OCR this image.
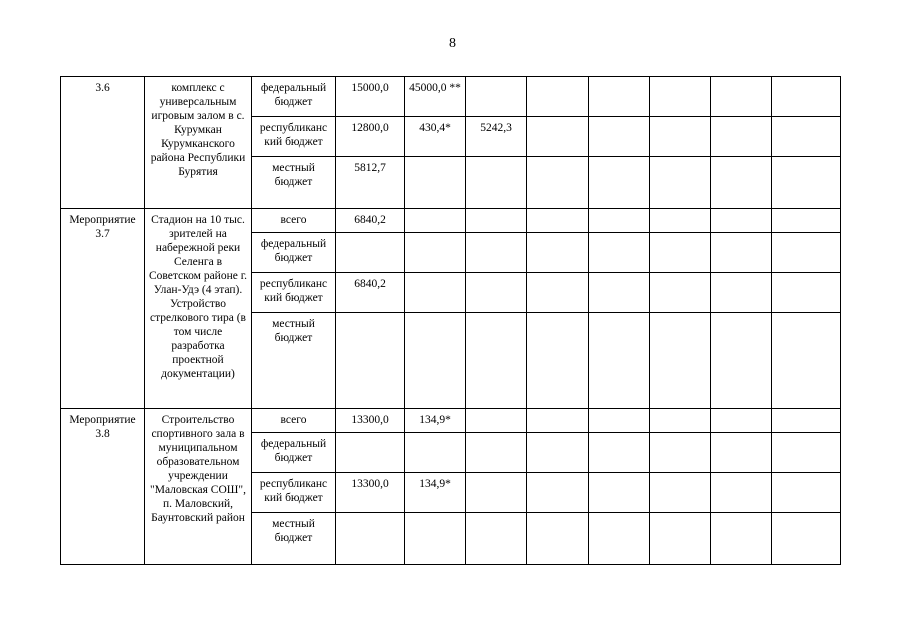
8
3.6	комплекс с универсальным игровым залом в с. Курумкан Курумканского района Республики Бурятия	федеральный бюджет	15000,0	45000,0 **						
		республиканс кий бюджет	12800,0	430,4*	5242,3					
		местный бюджет	5812,7							
Мероприятие 3.7	Стадион на 10 тыс. зрителей на набережной реки Селенга в Советском районе г. Улан-Удэ (4 этап). Устройство стрелкового тира (в том числе разработка проектной документации)	всего	6840,2							
		федеральный бюджет								
		республиканс кий бюджет	6840,2							
		местный бюджет								
Мероприятие 3.8	Строительство спортивного зала в муниципальном образовательном учреждении "Маловская СОШ", п. Маловский, Баунтовский район	всего	13300,0	134,9*						
		федеральный бюджет								
		республиканс кий бюджет	13300,0	134,9*						
		местный бюджет								
